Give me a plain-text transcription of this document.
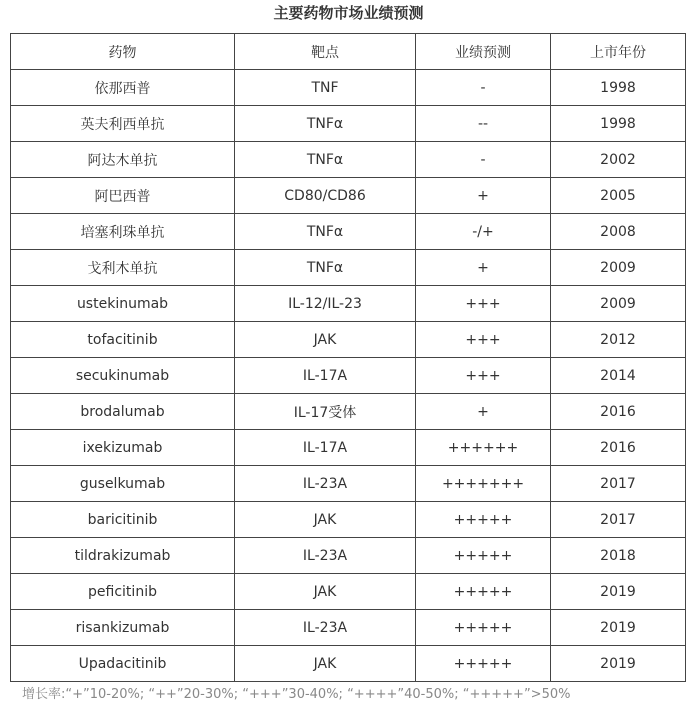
主要药物市场业绩预测
药物	靶点	业绩预测	上市年份
依那西普	TNF	-	1998
英夫利西单抗	TNFα	--	1998
阿达木单抗	TNFα	-	2002
阿巴西普	CD80/CD86	+	2005
培塞利珠单抗	TNFα	-/+	2008
戈利木单抗	TNFα	+	2009
ustekinumab	IL-12/IL-23	+++	2009
tofacitinib	JAK	+++	2012
secukinumab	IL-17A	+++	2014
brodalumab	IL-17受体	+	2016
ixekizumab	IL-17A	++++++	2016
guselkumab	IL-23A	+++++++	2017
baricitinib	JAK	+++++	2017
tildrakizumab	IL-23A	+++++	2018
peficitinib	JAK	+++++	2019
risankizumab	IL-23A	+++++	2019
Upadacitinib	JAK	+++++	2019
增长率:“+”10-20%; “++”20-30%; “+++”30-40%; “++++”40-50%; “+++++”>50%
